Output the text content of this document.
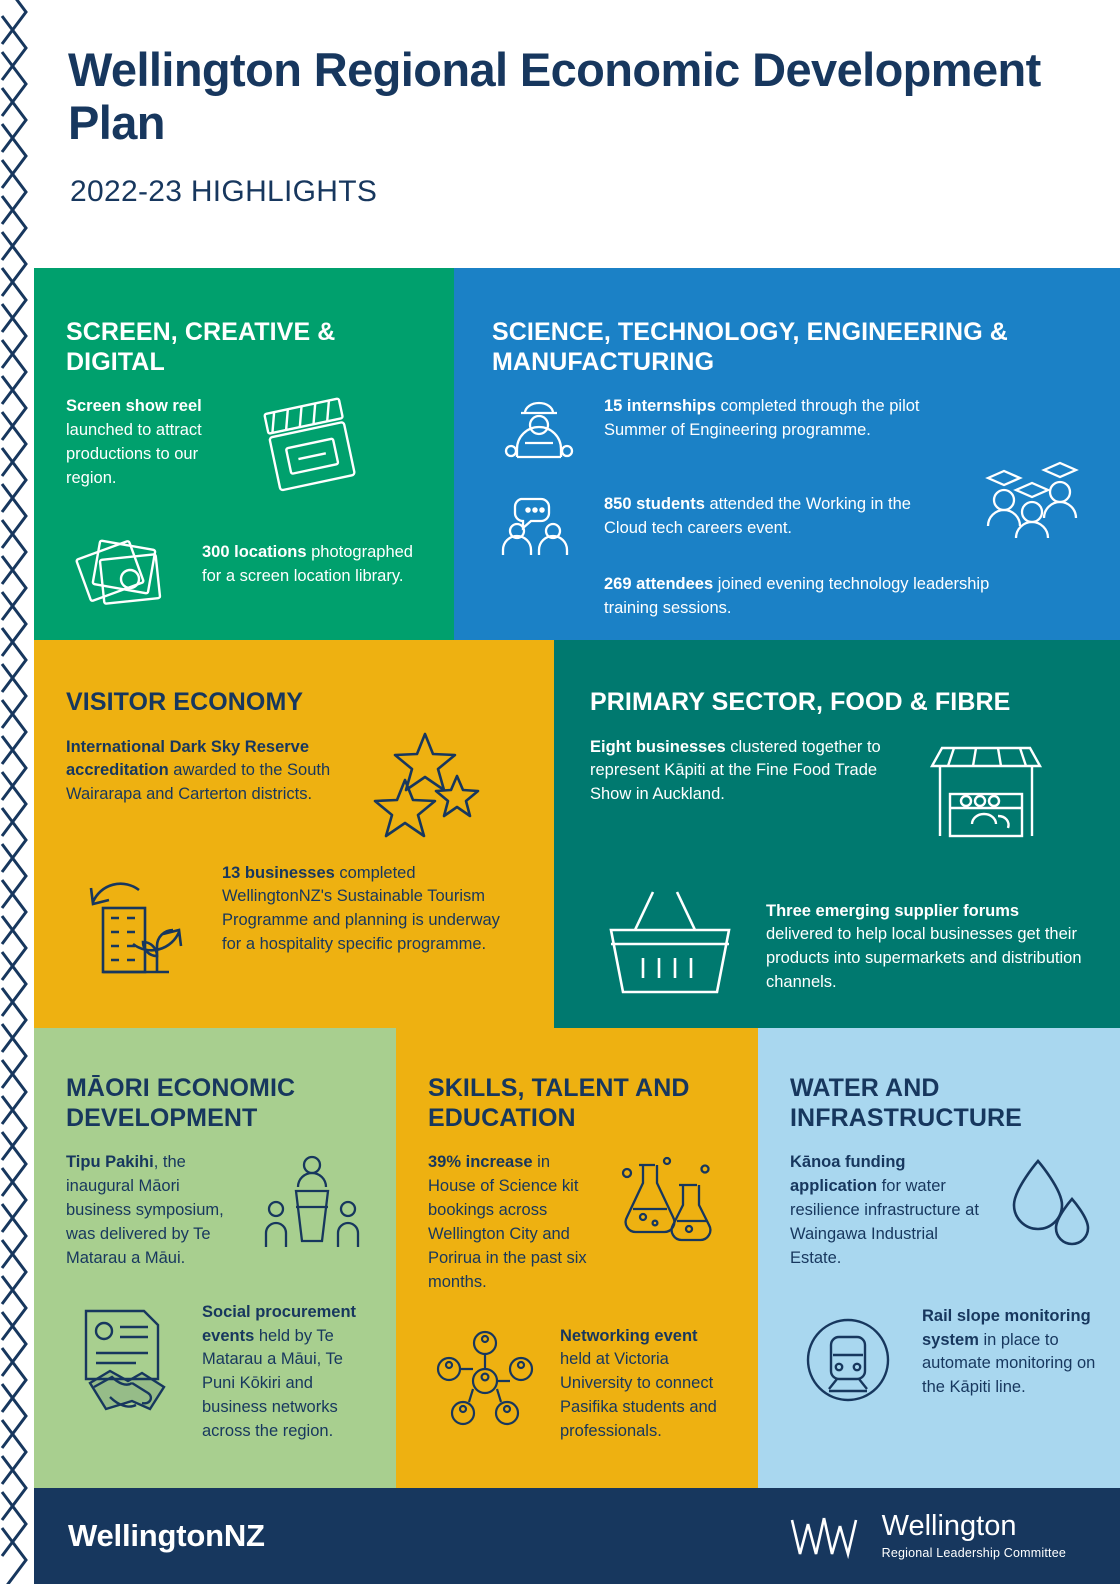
Wellington Regional Economic Development Plan
2022-23 HIGHLIGHTS
SCREEN, CREATIVE & DIGITAL
Screen show reel launched to attract productions to our region.
300 locations photographed for a screen location library.
SCIENCE, TECHNOLOGY, ENGINEERING & MANUFACTURING
15 internships completed through the pilot Summer of Engineering programme.
850 students attended the Working in the Cloud tech careers event.
269 attendees joined evening technology leadership training sessions.
VISITOR ECONOMY
International Dark Sky Reserve accreditation awarded to the South Wairarapa and Carterton districts.
13 businesses completed WellingtonNZ's Sustainable Tourism Programme and planning is underway for a hospitality specific programme.
PRIMARY SECTOR, FOOD & FIBRE
Eight businesses clustered together to represent Kāpiti at the Fine Food Trade Show in Auckland.
Three emerging supplier forums delivered to help local businesses get their products into supermarkets and distribution channels.
MĀORI ECONOMIC DEVELOPMENT
Tipu Pakihi, the inaugural Māori business symposium, was delivered by Te Matarau a Māui.
Social procurement events held by Te Matarau a Māui, Te Puni Kōkiri and business networks across the region.
SKILLS, TALENT AND EDUCATION
39% increase in House of Science kit bookings across Wellington City and Porirua in the past six months.
Networking event held at Victoria University to connect Pasifika students and professionals.
WATER AND INFRASTRUCTURE
Kānoa funding application for water resilience infrastructure at Waingawa Industrial Estate.
Rail slope monitoring system in place to automate monitoring on the Kāpiti line.
WellingtonNZ	Wellington
Regional Leadership Committee
